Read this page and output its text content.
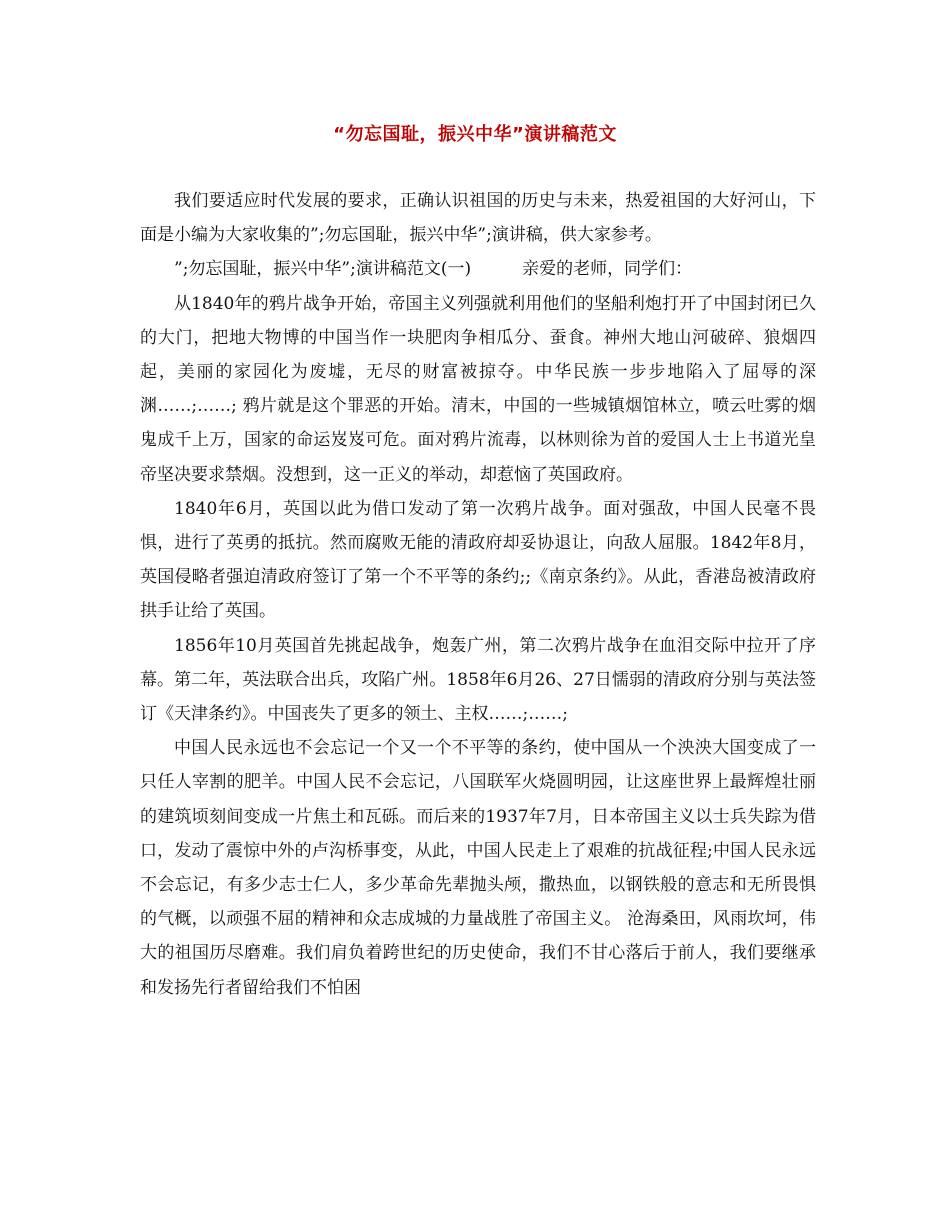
“勿忘国耻，振兴中华”演讲稿范文

我们要适应时代发展的要求，正确认识祖国的历史与未来，热爱祖国的大好河山，下面是小编为大家收集的”;勿忘国耻，振兴中华”;演讲稿，供大家参考。

”;勿忘国耻，振兴中华”;演讲稿范文(一)　　　亲爱的老师，同学们：

从1840年的鸦片战争开始，帝国主义列强就利用他们的坚船利炮打开了中国封闭已久的大门，把地大物博的中国当作一块肥肉争相瓜分、蚕食。神州大地山河破碎、狼烟四起，美丽的家园化为废墟，无尽的财富被掠夺。中华民族一步步地陷入了屈辱的深渊……;……; 鸦片就是这个罪恶的开始。清末，中国的一些城镇烟馆林立，喷云吐雾的烟鬼成千上万，国家的命运岌岌可危。面对鸦片流毒，以林则徐为首的爱国人士上书道光皇帝坚决要求禁烟。没想到，这一正义的举动，却惹恼了英国政府。

1840年6月，英国以此为借口发动了第一次鸦片战争。面对强敌，中国人民毫不畏惧，进行了英勇的抵抗。然而腐败无能的清政府却妥协退让，向敌人屈服。1842年8月，英国侵略者强迫清政府签订了第一个不平等的条约;;《南京条约》。从此，香港岛被清政府拱手让给了英国。

1856年10月英国首先挑起战争，炮轰广州，第二次鸦片战争在血泪交际中拉开了序幕。第二年，英法联合出兵，攻陷广州。1858年6月26、27日懦弱的清政府分别与英法签订《天津条约》。中国丧失了更多的领土、主权……;……;

中国人民永远也不会忘记一个又一个不平等的条约，使中国从一个泱泱大国变成了一只任人宰割的肥羊。中国人民不会忘记，八国联军火烧圆明园，让这座世界上最辉煌壮丽的建筑顷刻间变成一片焦土和瓦砾。而后来的1937年7月，日本帝国主义以士兵失踪为借口，发动了震惊中外的卢沟桥事变，从此，中国人民走上了艰难的抗战征程;中国人民永远不会忘记，有多少志士仁人，多少革命先辈抛头颅，撒热血，以钢铁般的意志和无所畏惧的气概，以顽强不屈的精神和众志成城的力量战胜了帝国主义。 沧海桑田，风雨坎坷，伟大的祖国历尽磨难。我们肩负着跨世纪的历史使命，我们不甘心落后于前人，我们要继承和发扬先行者留给我们不怕困
